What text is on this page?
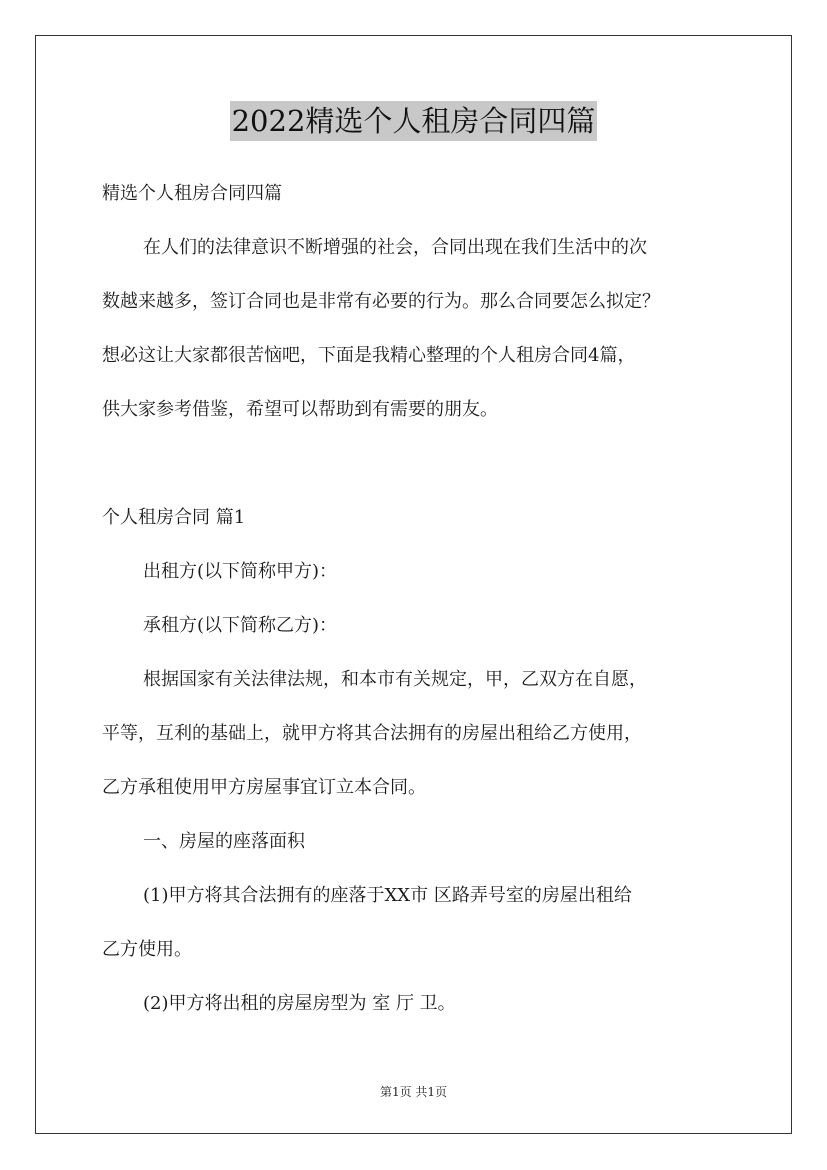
2022精选个人租房合同四篇
精选个人租房合同四篇
在人们的法律意识不断增强的社会，合同出现在我们生活中的次
数越来越多，签订合同也是非常有必要的行为。那么合同要怎么拟定？
想必这让大家都很苦恼吧，下面是我精心整理的个人租房合同4篇，
供大家参考借鉴，希望可以帮助到有需要的朋友。
个人租房合同 篇1
出租方(以下简称甲方)：
承租方(以下简称乙方)：
根据国家有关法律法规，和本市有关规定，甲，乙双方在自愿，
平等，互利的基础上，就甲方将其合法拥有的房屋出租给乙方使用，
乙方承租使用甲方房屋事宜订立本合同。
一、房屋的座落面积
(1)甲方将其合法拥有的座落于XX市 区路弄号室的房屋出租给
乙方使用。
(2)甲方将出租的房屋房型为 室 厅 卫。
第1页 共1页
